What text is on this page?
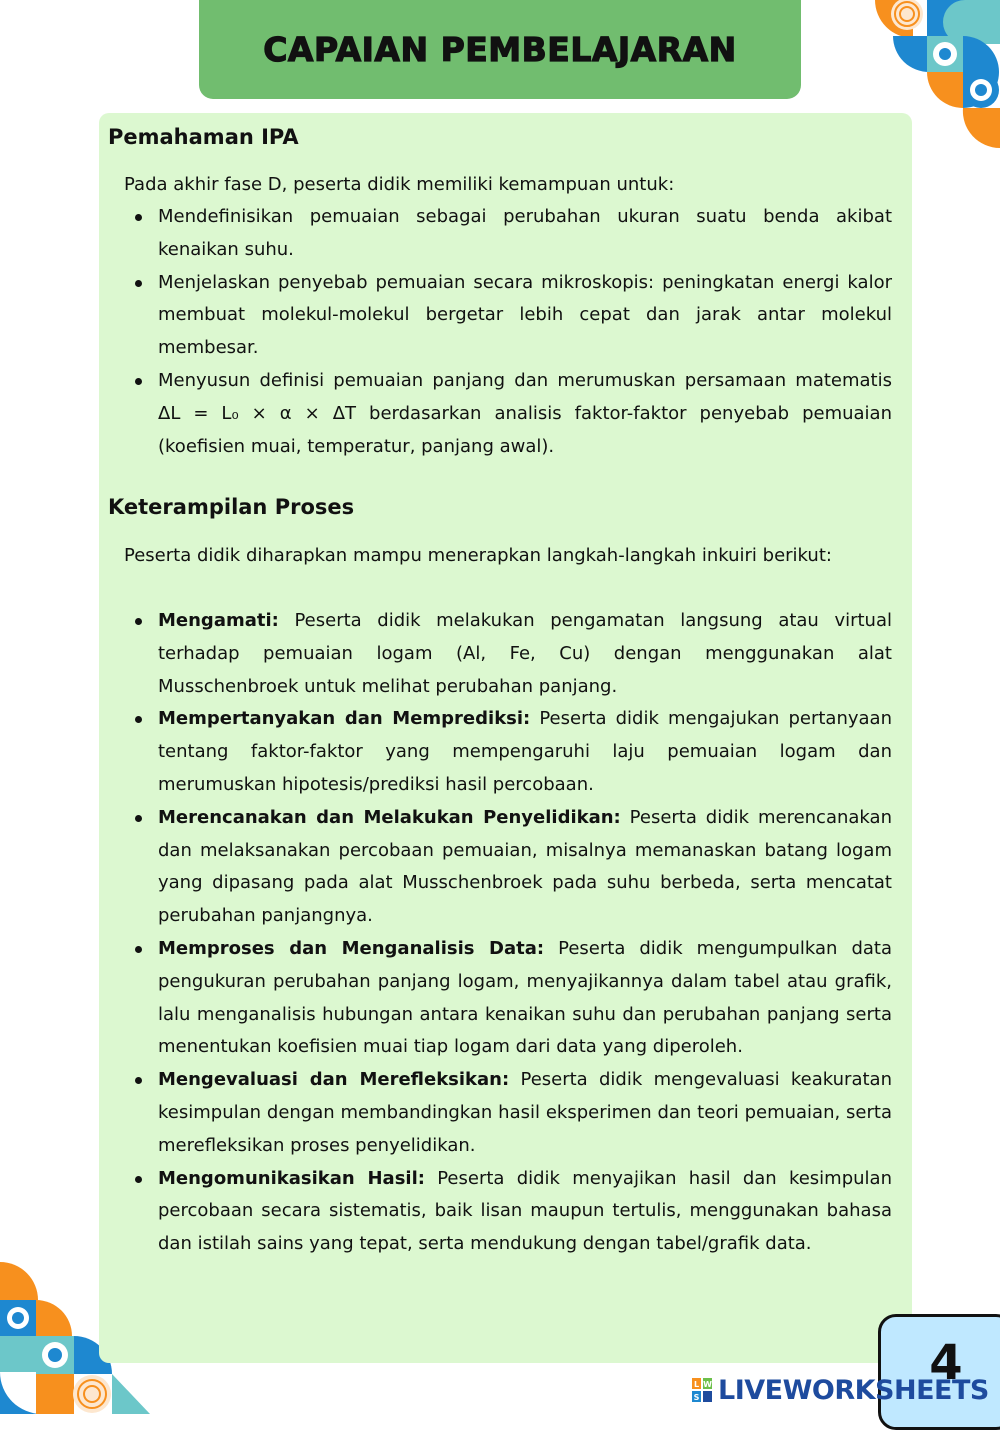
CAPAIAN PEMBELAJARAN
Pemahaman IPA

Pada akhir fase D, peserta didik memiliki kemampuan untuk:

Mendefinisikan pemuaian sebagai perubahan ukuran suatu benda akibat kenaikan suhu.
Menjelaskan penyebab pemuaian secara mikroskopis: peningkatan energi kalor membuat molekul-molekul bergetar lebih cepat dan jarak antar molekul membesar.
Menyusun definisi pemuaian panjang dan merumuskan persamaan matematis ΔL = L₀ × α × ΔT berdasarkan analisis faktor-faktor penyebab pemuaian (koefisien muai, temperatur, panjang awal).
Keterampilan Proses

Peserta didik diharapkan mampu menerapkan langkah-langkah inkuiri berikut:

Mengamati: Peserta didik melakukan pengamatan langsung atau virtual terhadap pemuaian logam (Al, Fe, Cu) dengan menggunakan alat Musschenbroek untuk melihat perubahan panjang.
Mempertanyakan dan Memprediksi: Peserta didik mengajukan pertanyaan tentang faktor-faktor yang mempengaruhi laju pemuaian logam dan merumuskan hipotesis/prediksi hasil percobaan.
Merencanakan dan Melakukan Penyelidikan: Peserta didik merencanakan dan melaksanakan percobaan pemuaian, misalnya memanaskan batang logam yang dipasang pada alat Musschenbroek pada suhu berbeda, serta mencatat perubahan panjangnya.
Memproses dan Menganalisis Data: Peserta didik mengumpulkan data pengukuran perubahan panjang logam, menyajikannya dalam tabel atau grafik, lalu menganalisis hubungan antara kenaikan suhu dan perubahan panjang serta menentukan koefisien muai tiap logam dari data yang diperoleh.
Mengevaluasi dan Merefleksikan: Peserta didik mengevaluasi keakuratan kesimpulan dengan membandingkan hasil eksperimen dan teori pemuaian, serta merefleksikan proses penyelidikan.
Mengomunikasikan Hasil: Peserta didik menyajikan hasil dan kesimpulan percobaan secara sistematis, baik lisan maupun tertulis, menggunakan bahasa dan istilah sains yang tepat, serta mendukung dengan tabel/grafik data.
4
L W
S LIVEWORKSHEETS
